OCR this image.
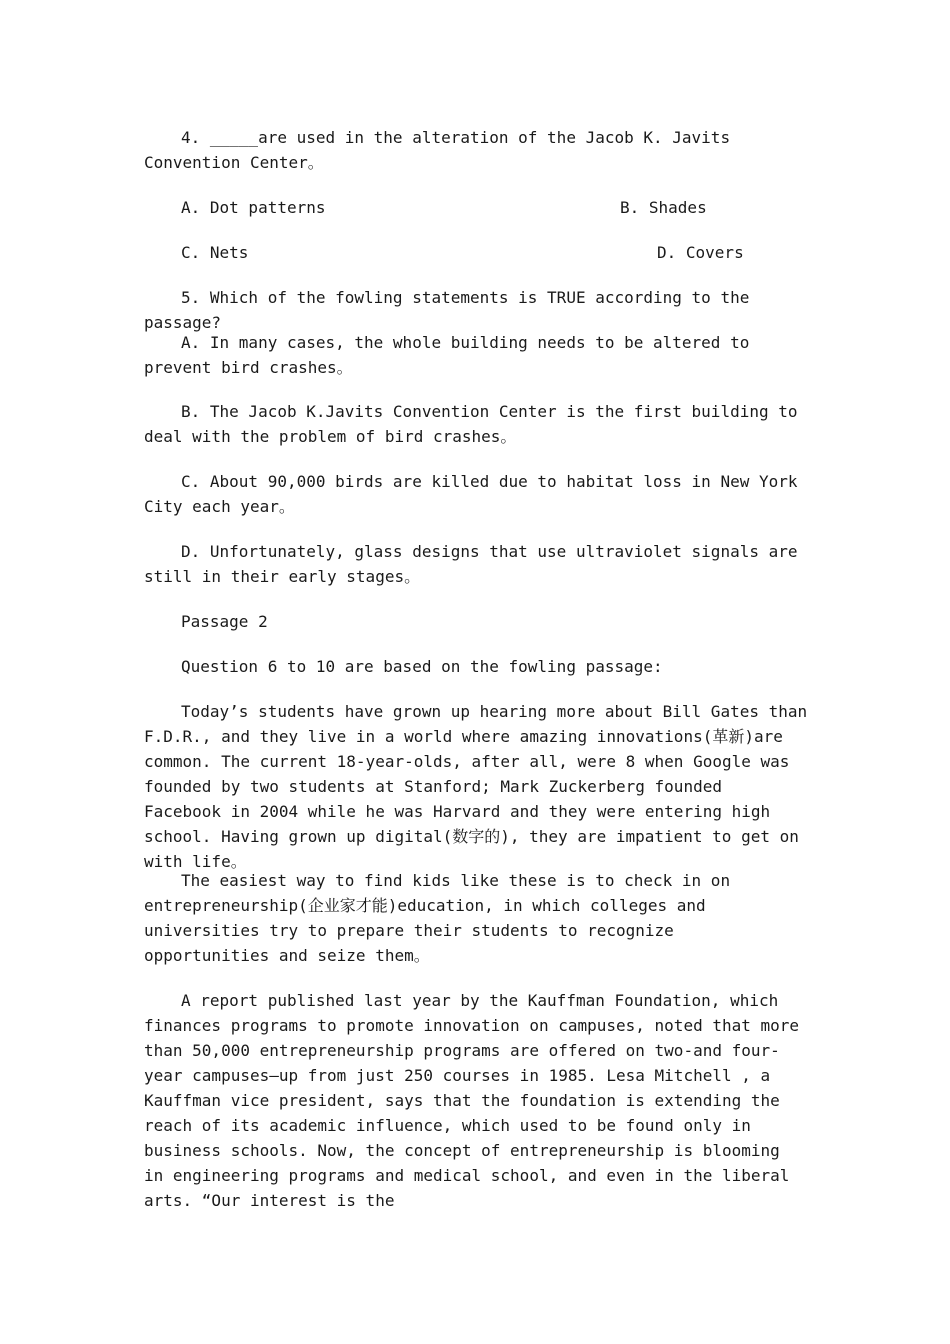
4. _____are used in the alteration of the Jacob K. Javits Convention Center。

A. Dot patterns	B. Shades

C. Nets	D. Covers

5. Which of the fowling statements is TRUE according to the passage?

A. In many cases, the whole building needs to be altered to prevent bird crashes。

B. The Jacob K.Javits Convention Center is the first building to deal with the problem of bird crashes。

C. About 90,000 birds are killed due to habitat loss in New York City each year。

D. Unfortunately, glass designs that use ultraviolet signals are still in their early stages。

Passage 2

Question 6 to 10 are based on the fowling passage:

Today’s students have grown up hearing more about Bill Gates than F.D.R., and they live in a world where amazing innovations(革新)are common. The current 18-year-olds, after all, were 8 when Google was founded by two students at Stanford; Mark Zuckerberg founded Facebook in 2004 while he was Harvard and they were entering high school. Having grown up digital(数字的), they are impatient to get on with life。

The easiest way to find kids like these is to check in on entrepreneurship(企业家才能)education, in which colleges and universities try to prepare their students to recognize opportunities and seize them。

A report published last year by the Kauffman Foundation, which finances programs to promote innovation on campuses, noted that more than 50,000 entrepreneurship programs are offered on two-and four-year campuses—up from just 250 courses in 1985. Lesa Mitchell , a Kauffman vice president, says that the foundation is extending the reach of its academic influence, which used to be found only in business schools. Now, the concept of entrepreneurship is blooming in engineering programs and medical school, and even in the liberal arts. “Our interest is the
